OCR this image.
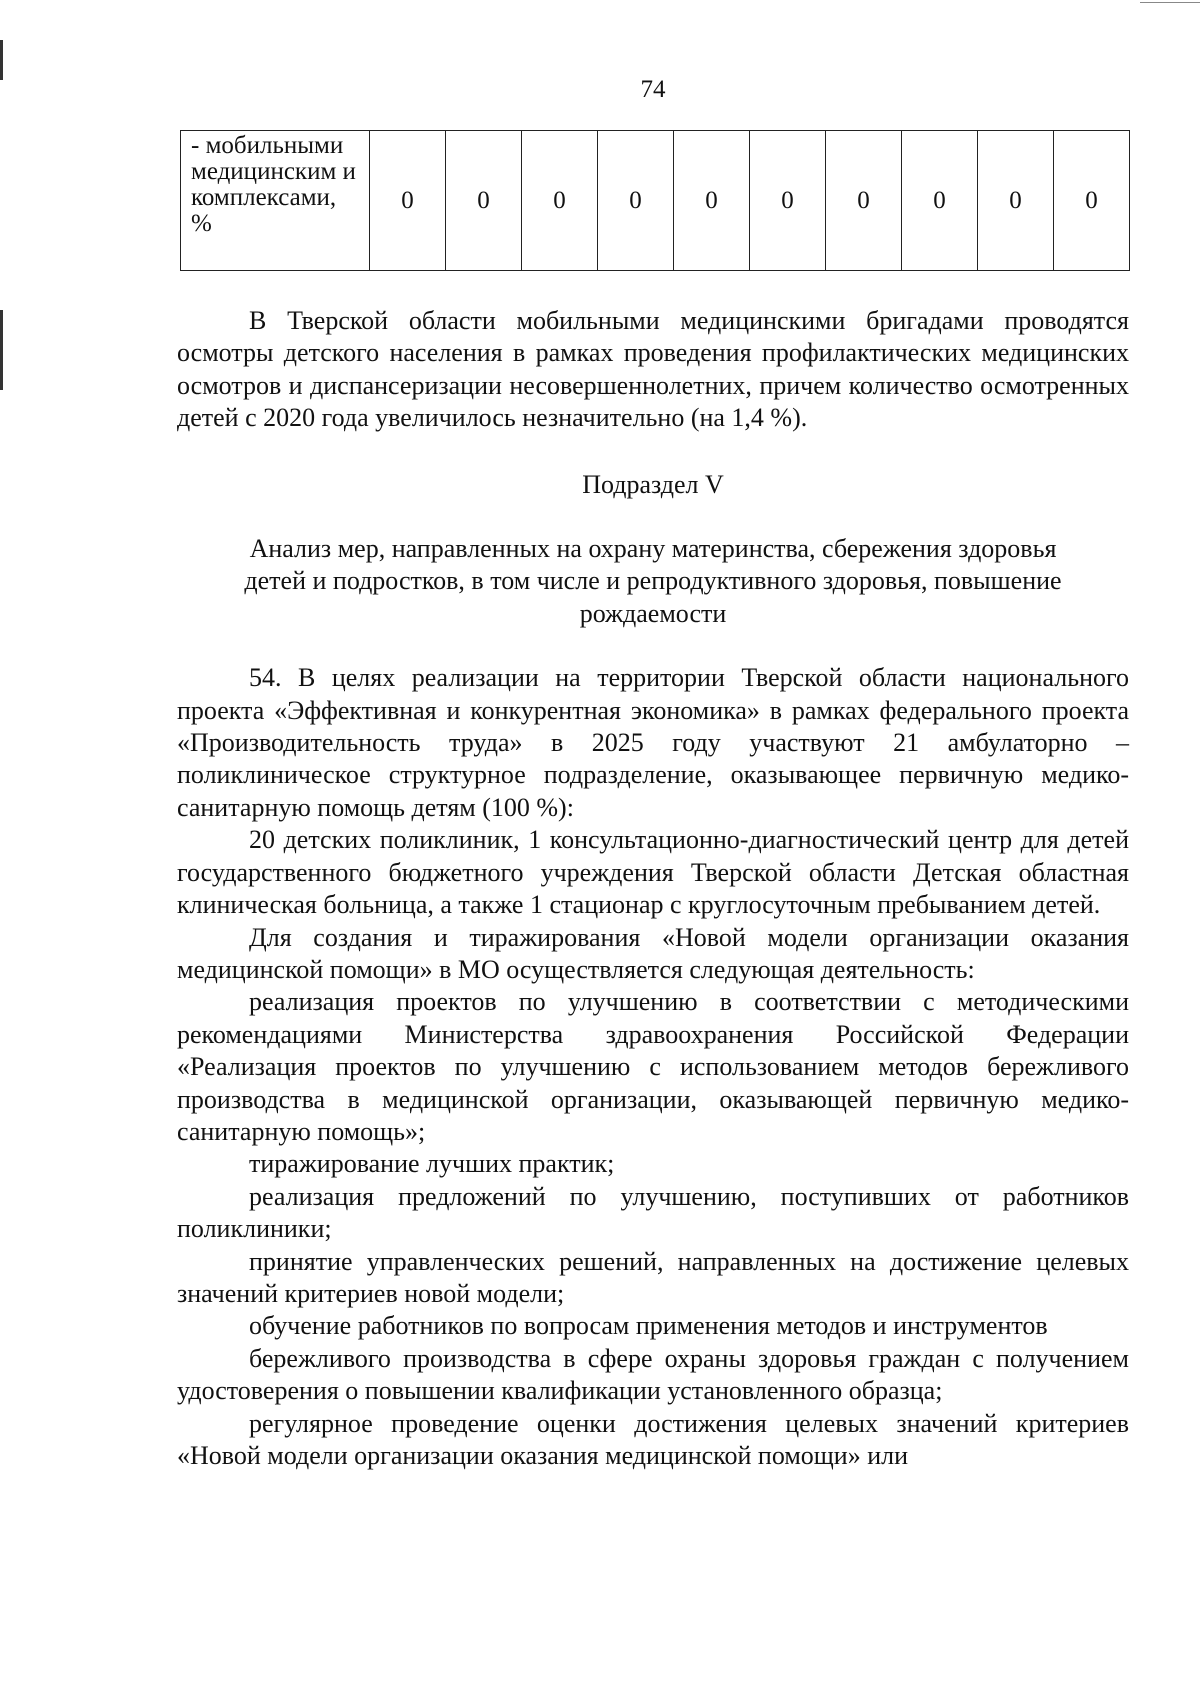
74
- мобильными медицинским и комплексами, %	0	0	0	0	0	0	0	0	0	0

В Тверской области мобильными медицинскими бригадами проводятся осмотры детского населения в рамках проведения профилактических медицинских осмотров и диспансеризации несовершеннолетних, причем количество осмотренных детей с 2020 года увеличилось незначительно (на 1,4 %).

Подраздел V

Анализ мер, направленных на охрану материнства, сбережения здоровья
детей и подростков, в том числе и репродуктивного здоровья, повышение
рождаемости

54. В целях реализации на территории Тверской области национального проекта «Эффективная и конкурентная экономика» в рамках федерального проекта «Производительность труда» в 2025 году участвуют 21 амбулаторно – поликлиническое структурное подразделение, оказывающее первичную медико-санитарную помощь детям (100 %):

20 детских поликлиник, 1 консультационно-диагностический центр для детей государственного бюджетного учреждения Тверской области Детская областная клиническая больница, а также 1 стационар с круглосуточным пребыванием детей.

Для создания и тиражирования «Новой модели организации оказания медицинской помощи» в МО осуществляется следующая деятельность:

реализация проектов по улучшению в соответствии с методическими рекомендациями Министерства здравоохранения Российской Федерации «Реализация проектов по улучшению с использованием методов бережливого производства в медицинской организации, оказывающей первичную медико-санитарную помощь»;

тиражирование лучших практик;

реализация предложений по улучшению, поступивших от работников поликлиники;

принятие управленческих решений, направленных на достижение целевых значений критериев новой модели;

обучение работников по вопросам применения методов и инструментов

бережливого производства в сфере охраны здоровья граждан с получением удостоверения о повышении квалификации установленного образца;

регулярное проведение оценки достижения целевых значений критериев «Новой модели организации оказания медицинской помощи» или
